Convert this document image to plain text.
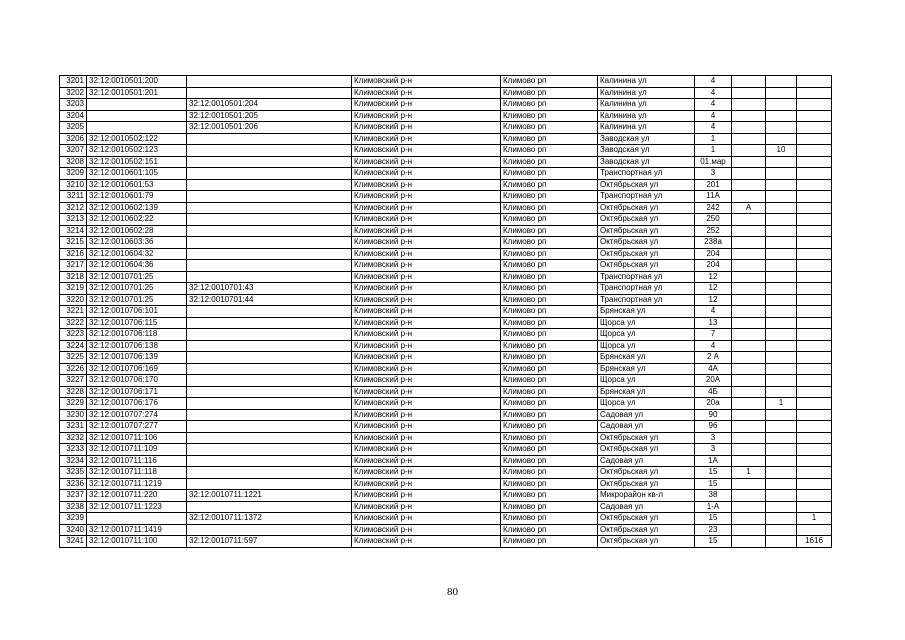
3201	32:12:0010501:200		Климовский р-н	Климово рп	Калинина ул	4			
3202	32:12:0010501:201		Климовский р-н	Климово рп	Калинина ул	4			
3203		32:12:0010501:204	Климовский р-н	Климово рп	Калинина ул	4			
3204		32:12:0010501:205	Климовский р-н	Климово рп	Калинина ул	4			
3205		32:12:0010501:206	Климовский р-н	Климово рп	Калинина ул	4			
3206	32:12:0010502:122		Климовский р-н	Климово рп	Заводская ул	1			
3207	32:12:0010502:123		Климовский р-н	Климово рп	Заводская ул	1		10	
3208	32:12:0010502:151		Климовский р-н	Климово рп	Заводская ул	01.мар			
3209	32:12:0010601:105		Климовский р-н	Климово рп	Транспортная ул	3			
3210	32:12:0010601:53		Климовский р-н	Климово рп	Октябрьская ул	201			
3211	32:12:0010601:79		Климовский р-н	Климово рп	Транспортная ул	11А			
3212	32:12:0010602:139		Климовский р-н	Климово рп	Октябрьская ул	242	А		
3213	32:12:0010602:22		Климовский р-н	Климово рп	Октябрьская ул	250			
3214	32:12:0010602:28		Климовский р-н	Климово рп	Октябрьская ул	252			
3215	32:12:0010603:36		Климовский р-н	Климово рп	Октябрьская ул	238а			
3216	32:12:0010604:32		Климовский р-н	Климово рп	Октябрьская ул	204			
3217	32:12:0010604:36		Климовский р-н	Климово рп	Октябрьская ул	204			
3218	32:12:0010701:25		Климовский р-н	Климово рп	Транспортная ул	12			
3219	32:12:0010701:25	32:12:0010701:43	Климовский р-н	Климово рп	Транспортная ул	12			
3220	32:12:0010701:25	32:12:0010701:44	Климовский р-н	Климово рп	Транспортная ул	12			
3221	32:12:0010706:101		Климовский р-н	Климово рп	Брянская ул	4			
3222	32:12:0010706:115		Климовский р-н	Климово рп	Щорса ул	13			
3223	32:12:0010706:118		Климовский р-н	Климово рп	Щорса ул	7			
3224	32:12:0010706:138		Климовский р-н	Климово рп	Щорса ул	4			
3225	32:12:0010706:139		Климовский р-н	Климово рп	Брянская ул	2 А			
3226	32:12:0010706:169		Климовский р-н	Климово рп	Брянская ул	4А			
3227	32:12:0010706:170		Климовский р-н	Климово рп	Щорса ул	20А			
3228	32:12:0010706:171		Климовский р-н	Климово рп	Брянская ул	4Б			
3229	32:12:0010706:176		Климовский р-н	Климово рп	Щорса ул	20а		1	
3230	32:12:0010707:274		Климовский р-н	Климово рп	Садовая ул	90			
3231	32:12:0010707:277		Климовский р-н	Климово рп	Садовая ул	96			
3232	32:12:0010711:106		Климовский р-н	Климово рп	Октябрьская ул	3			
3233	32:12:0010711:109		Климовский р-н	Климово рп	Октябрьская ул	3			
3234	32:12:0010711:116		Климовский р-н	Климово рп	Садовая ул	1А			
3235	32:12:0010711:118		Климовский р-н	Климово рп	Октябрьская ул	15	1		
3236	32:12:0010711:1219		Климовский р-н	Климово рп	Октябрьская ул	15			
3237	32:12:0010711:220	32:12:0010711:1221	Климовский р-н	Климово рп	Микрорайон кв-л	38			
3238	32:12:0010711:1223		Климовский р-н	Климово рп	Садовая ул	1-А			
3239		32:12:0010711:1372	Климовский р-н	Климово рп	Октябрьская ул	15			1
3240	32:12:0010711:1419		Климовский р-н	Климово рп	Октябрьская ул	23			
3241	32:12:0010711:100	32:12:0010711:597	Климовский р-н	Климово рп	Октябрьская ул	15			1616
80
